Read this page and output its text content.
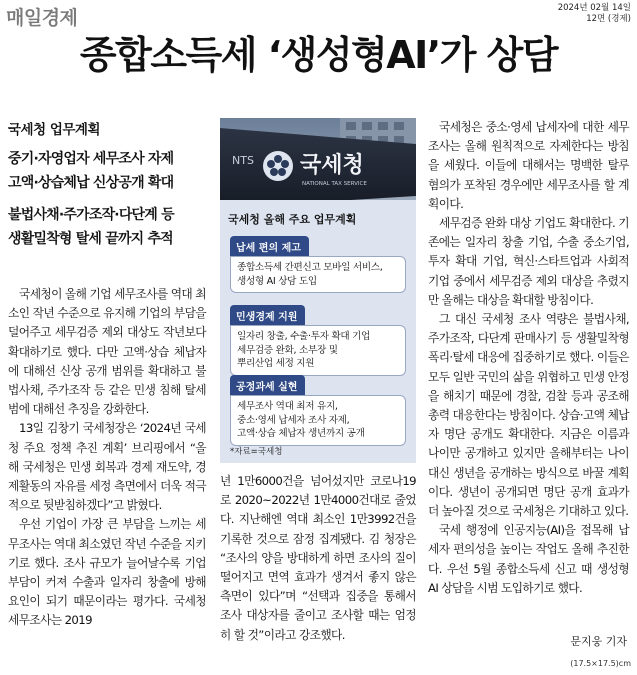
매일경제	2024년 02월 14일
12면 (경제)
종합소득세 ‘생성형AI’가 상담
국세청 업무계획
중기·자영업자 세무조사 자제
고액·상습체납 신상공개 확대
불법사채·주가조작·다단계 등
생활밀착형 탈세 끝까지 추적
NTS 국세청
NATIONAL TAX SERVICE
국세청 올해 주요 업무계획
납세 편의 제고
종합소득세 간편신고 모바일 서비스,
생성형 AI 상담 도입
민생경제 지원
일자리 창출, 수출·투자 확대 기업
세무검증 완화, 소부장 및
뿌리산업 세정 지원
공정과세 실현
세무조사 역대 최저 유지,
중소·영세 납세자 조사 자제,
고액·상습 체납자 생년까지 공개
*자료=국세청

국세청이 올해 기업 세무조사를 역대 최소인 작년 수준으로 유지해 기업의 부담을 덜어주고 세무검증 제외 대상도 작년보다 확대하기로 했다. 다만 고액·상습 체납자에 대해선 신상 공개 범위를 확대하고 불법사채, 주가조작 등 같은 민생 침해 탈세범에 대해선 추징을 강화한다.

13일 김창기 국세청장은 ‘2024년 국세청 주요 정책 추진 계획’ 브리핑에서 “올해 국세청은 민생 회복과 경제 재도약, 경제활동의 자유를 세정 측면에서 더욱 적극적으로 뒷받침하겠다”고 밝혔다.

우선 기업이 가장 큰 부담을 느끼는 세무조사는 역대 최소였던 작년 수준을 지키기로 했다. 조사 규모가 늘어날수록 기업 부담이 커져 수출과 일자리 창출에 방해 요인이 되기 때문이라는 평가다. 국세청 세무조사는 2019

년 1만6000건을 넘어섰지만 코로나19로 2020~2022년 1만4000건대로 줄었다. 지난해엔 역대 최소인 1만3992건을 기록한 것으로 잠정 집계됐다. 김 청장은 “조사의 양을 방대하게 하면 조사의 질이 떨어지고 면역 효과가 생겨서 좋지 않은 측면이 있다”며 “선택과 집중을 통해서 조사 대상자를 줄이고 조사할 때는 엄정히 할 것”이라고 강조했다.

국세청은 중소·영세 납세자에 대한 세무조사는 올해 원칙적으로 자제한다는 방침을 세웠다. 이들에 대해서는 명백한 탈루 혐의가 포착된 경우에만 세무조사를 할 계획이다.

세무검증 완화 대상 기업도 확대한다. 기존에는 일자리 창출 기업, 수출 중소기업, 투자 확대 기업, 혁신·스타트업과 사회적 기업 중에서 세무검증 제외 대상을 추렸지만 올해는 대상을 확대할 방침이다.

그 대신 국세청 조사 역량은 불법사채, 주가조작, 다단계 판매사기 등 생활밀착형 폭리·탈세 대응에 집중하기로 했다. 이들은 모두 일반 국민의 삶을 위협하고 민생 안정을 해치기 때문에 경찰, 검찰 등과 공조해 총력 대응한다는 방침이다. 상습·고액 체납자 명단 공개도 확대한다. 지금은 이름과 나이만 공개하고 있지만 올해부터는 나이 대신 생년을 공개하는 방식으로 바꿀 계획이다. 생년이 공개되면 명단 공개 효과가 더 높아질 것으로 국세청은 기대하고 있다.

국세 행정에 인공지능(AI)을 접목해 납세자 편의성을 높이는 작업도 올해 추진한다. 우선 5월 종합소득세 신고 때 생성형 AI 상담을 시범 도입하기로 했다.

문지웅 기자
(17.5×17.5)cm
